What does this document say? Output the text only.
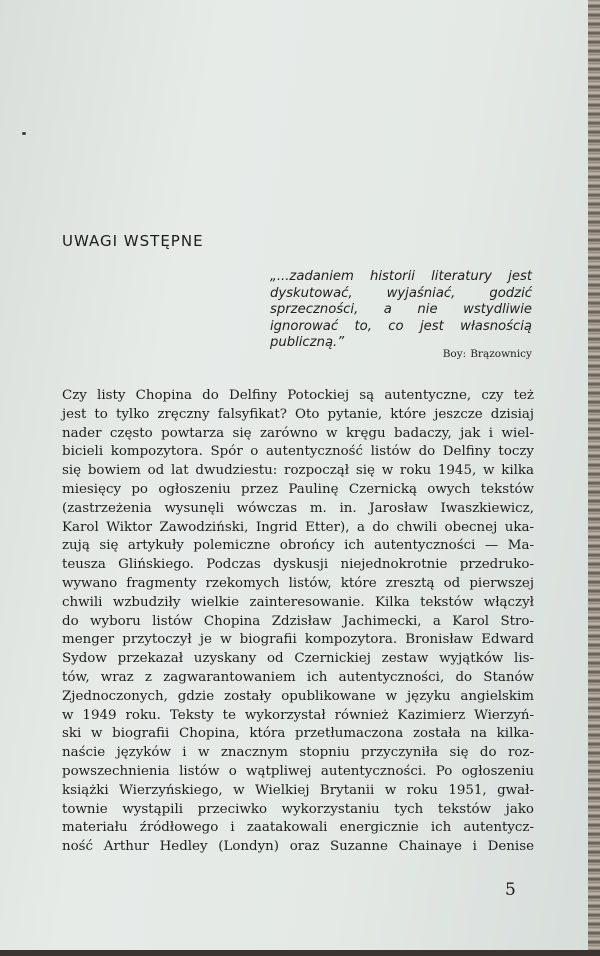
UWAGI WSTĘPNE
„...zadaniem historii literatury jest
dyskutować, wyjaśniać, godzić
sprzeczności, a nie wstydliwie
ignorować to, co jest własnością
publiczną.”
Boy: Brązownicy
Czy listy Chopina do Delfiny Potockiej są autentyczne, czy też
jest to tylko zręczny falsyfikat? Oto pytanie, które jeszcze dzisiaj
nader często powtarza się zarówno w kręgu badaczy, jak i wiel-
bicieli kompozytora. Spór o autentyczność listów do Delfiny toczy
się bowiem od lat dwudziestu: rozpoczął się w roku 1945, w kilka
miesięcy po ogłoszeniu przez Paulinę Czernicką owych tekstów
(zastrzeżenia wysunęli wówczas m. in. Jarosław Iwaszkiewicz,
Karol Wiktor Zawodziński, Ingrid Etter), a do chwili obecnej uka-
zują się artykuły polemiczne obrońcy ich autentyczności — Ma-
teusza Glińskiego. Podczas dyskusji niejednokrotnie przedruko-
wywano fragmenty rzekomych listów, które zresztą od pierwszej
chwili wzbudziły wielkie zainteresowanie. Kilka tekstów włączył
do wyboru listów Chopina Zdzisław Jachimecki, a Karol Stro-
menger przytoczył je w biografii kompozytora. Bronisław Edward
Sydow przekazał uzyskany od Czernickiej zestaw wyjątków lis-
tów, wraz z zagwarantowaniem ich autentyczności, do Stanów
Zjednoczonych, gdzie zostały opublikowane w języku angielskim
w 1949 roku. Teksty te wykorzystał również Kazimierz Wierzyń-
ski w biografii Chopina, która przetłumaczona została na kilka-
naście języków i w znacznym stopniu przyczyniła się do roz-
powszechnienia listów o wątpliwej autentyczności. Po ogłoszeniu
książki Wierzyńskiego, w Wielkiej Brytanii w roku 1951, gwał-
townie wystąpili przeciwko wykorzystaniu tych tekstów jako
materiału źródłowego i zaatakowali energicznie ich autentycz-
ność Arthur Hedley (Londyn) oraz Suzanne Chainaye i Denise
5
